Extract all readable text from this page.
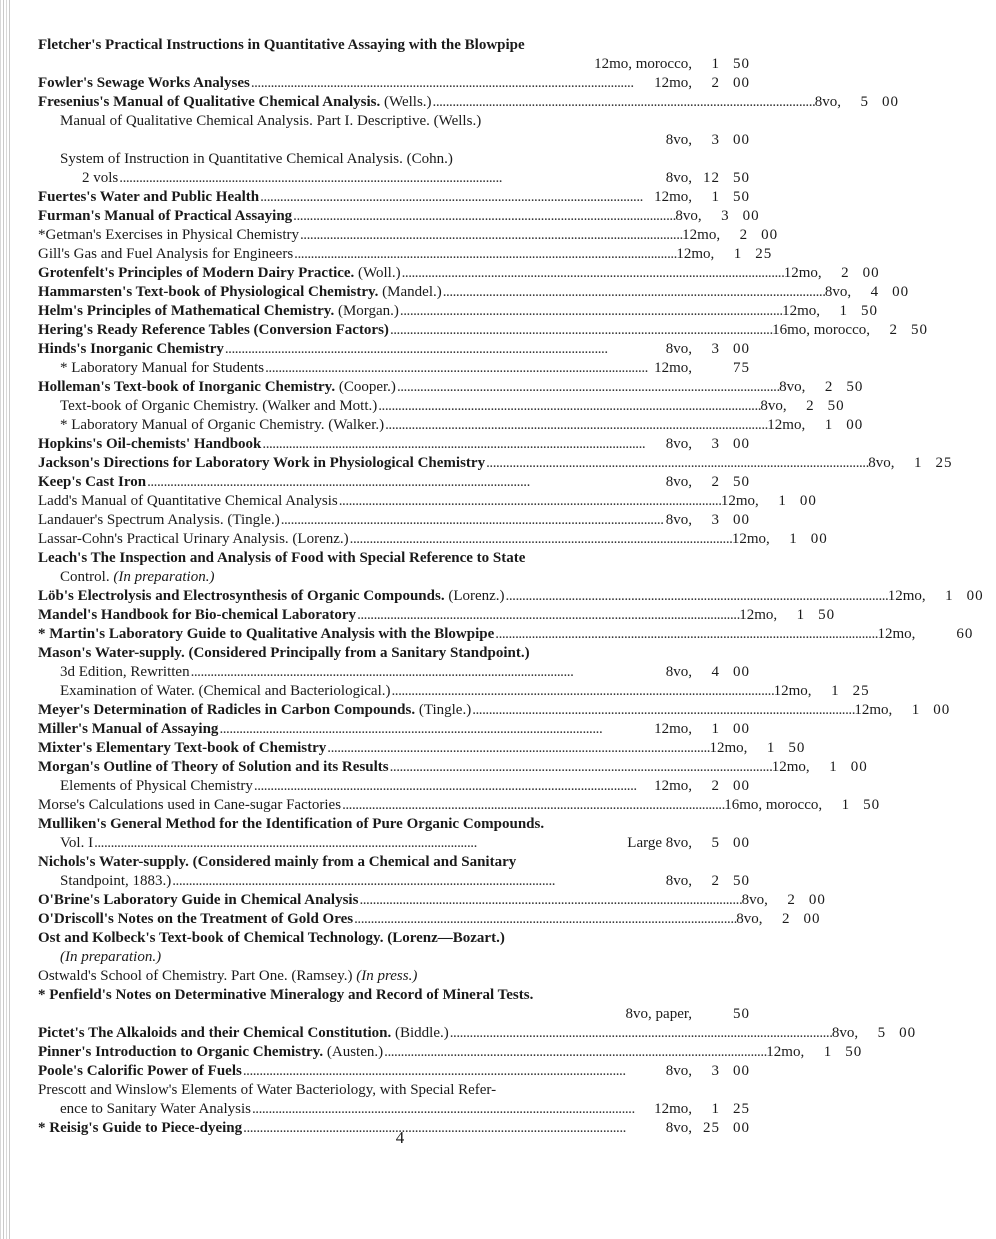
Fletcher's Practical Instructions in Quantitative Assaying with the Blowpipe
12mo, morocco,	1 50
Fowler's Sewage Works Analyses . . .	12mo,	2 00
Fresenius's Manual of Qualitative Chemical Analysis. (Wells.) . . .	8vo,	5 00
Manual of Qualitative Chemical Analysis. Part I. Descriptive. (Wells.)
8vo,	3 00
System of Instruction in Quantitative Chemical Analysis. (Cohn.)
2 vols . . .	8vo, 12 50
Fuertes's Water and Public Health . . .	12mo,	1 50
Furman's Manual of Practical Assaying . . .	8vo,	3 00
*Getman's Exercises in Physical Chemistry . . .	12mo,	2 00
Gill's Gas and Fuel Analysis for Engineers . . .	12mo,	1 25
Grotenfelt's Principles of Modern Dairy Practice. (Woll.) . . .	12mo,	2 00
Hammarsten's Text-book of Physiological Chemistry. (Mandel.) . . .	8vo,	4 00
Helm's Principles of Mathematical Chemistry. (Morgan.) . . .	12mo,	1 50
Hering's Ready Reference Tables (Conversion Factors) . . .	16mo, morocco,	2 50
Hinds's Inorganic Chemistry . . .	8vo,	3 00
* Laboratory Manual for Students . . .	12mo,	75
Holleman's Text-book of Inorganic Chemistry. (Cooper.) . . .	8vo,	2 50
Text-book of Organic Chemistry. (Walker and Mott.) . . .	8vo,	2 50
* Laboratory Manual of Organic Chemistry. (Walker.) . . .	12mo,	1 00
Hopkins's Oil-chemists' Handbook . . .	8vo,	3 00
Jackson's Directions for Laboratory Work in Physiological Chemistry . . .	8vo,	1 25
Keep's Cast Iron . . .	8vo,	2 50
Ladd's Manual of Quantitative Chemical Analysis . . .	12mo,	1 00
Landauer's Spectrum Analysis. (Tingle.) . . .	8vo,	3 00
Lassar-Cohn's Practical Urinary Analysis. (Lorenz.) . . .	12mo,	1 00
Leach's The Inspection and Analysis of Food with Special Reference to State
Control. (In preparation.)
Löb's Electrolysis and Electrosynthesis of Organic Compounds. (Lorenz.) . . .	12mo,	1 00
Mandel's Handbook for Bio-chemical Laboratory . . .	12mo,	1 50
* Martin's Laboratory Guide to Qualitative Analysis with the Blowpipe . . .	12mo,	60
Mason's Water-supply. (Considered Principally from a Sanitary Standpoint.)
3d Edition, Rewritten . . .	8vo,	4 00
Examination of Water. (Chemical and Bacteriological.) . . .	12mo,	1 25
Meyer's Determination of Radicles in Carbon Compounds. (Tingle.) . . .	12mo,	1 00
Miller's Manual of Assaying . . .	12mo,	1 00
Mixter's Elementary Text-book of Chemistry . . .	12mo,	1 50
Morgan's Outline of Theory of Solution and its Results . . .	12mo,	1 00
Elements of Physical Chemistry . . .	12mo,	2 00
Morse's Calculations used in Cane-sugar Factories . . .	16mo, morocco,	1 50
Mulliken's General Method for the Identification of Pure Organic Compounds.
Vol. I . . .	Large 8vo,	5 00
Nichols's Water-supply. (Considered mainly from a Chemical and Sanitary
Standpoint, 1883.) . . .	8vo,	2 50
O'Brine's Laboratory Guide in Chemical Analysis . . .	8vo,	2 00
O'Driscoll's Notes on the Treatment of Gold Ores . . .	8vo,	2 00
Ost and Kolbeck's Text-book of Chemical Technology. (Lorenz—Bozart.)
(In preparation.)
Ostwald's School of Chemistry. Part One. (Ramsey.) (In press.)
* Penfield's Notes on Determinative Mineralogy and Record of Mineral Tests.
8vo, paper,	50
Pictet's The Alkaloids and their Chemical Constitution. (Biddle.) . . .	8vo,	5 00
Pinner's Introduction to Organic Chemistry. (Austen.) . . .	12mo,	1 50
Poole's Calorific Power of Fuels . . .	8vo,	3 00
Prescott and Winslow's Elements of Water Bacteriology, with Special Refer-
ence to Sanitary Water Analysis . . .	12mo,	1 25
* Reisig's Guide to Piece-dyeing . . .	8vo, 25 00
4
